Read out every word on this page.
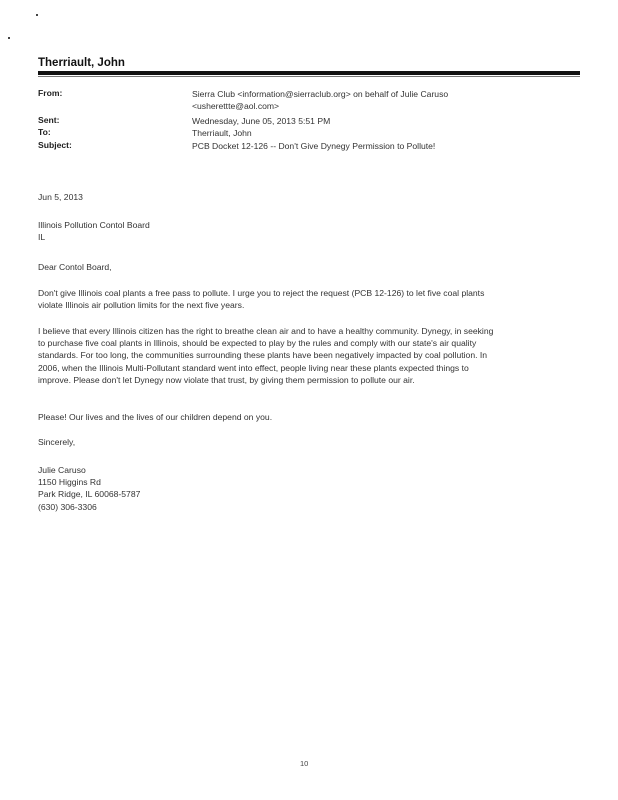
Therriault, John
From:	Sierra Club <information@sierraclub.org> on behalf of Julie Caruso
<usherettte@aol.com>
Sent:	Wednesday, June 05, 2013 5:51 PM
To:	Therriault, John
Subject:	PCB Docket 12-126 -- Don't Give Dynegy Permission to Pollute!
Jun 5, 2013
Illinois Pollution Contol Board
IL
Dear Contol Board,
Don't give Illinois coal plants a free pass to pollute. I urge you to reject the request (PCB 12-126) to let five coal plants
violate Illinois air pollution limits for the next five years.
I believe that every Illinois citizen has the right to breathe clean air and to have a healthy community. Dynegy, in seeking
to purchase five coal plants in Illinois, should be expected to play by the rules and comply with our state's air quality
standards. For too long, the communities surrounding these plants have been negatively impacted by coal pollution. In
2006, when the Illinois Multi-Pollutant standard went into effect, people living near these plants expected things to
improve. Please don't let Dynegy now violate that trust, by giving them permission to pollute our air.
Please! Our lives and the lives of our children depend on you.
Sincerely,
Julie Caruso
1150 Higgins Rd
Park Ridge, IL 60068-5787
(630) 306-3306
10
